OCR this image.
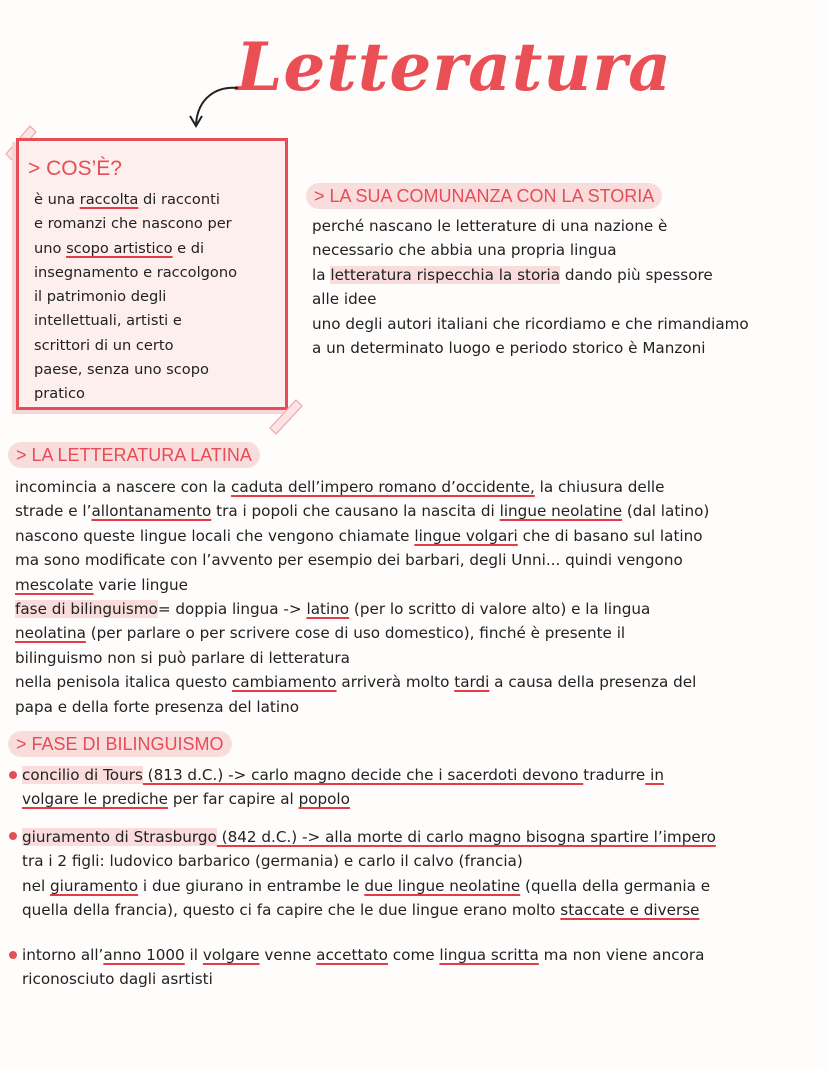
Letteratura
> COS’È?
è una raccolta di racconti
e romanzi che nascono per
uno scopo artistico e di
insegnamento e raccolgono
il patrimonio degli
intellettuali, artisti e
scrittori di un certo
paese, senza uno scopo
pratico
> LA SUA COMUNANZA CON LA STORIA
perché nascano le letterature di una nazione è
necessario che abbia una propria lingua
la letteratura rispecchia la storia dando più spessore
alle idee
uno degli autori italiani che ricordiamo e che rimandiamo
a un determinato luogo e periodo storico è Manzoni
> LA LETTERATURA LATINA
incomincia a nascere con la caduta dell’impero romano d’occidente, la chiusura delle
strade e l’allontanamento tra i popoli che causano la nascita di lingue neolatine (dal latino)
nascono queste lingue locali che vengono chiamate lingue volgari che di basano sul latino
ma sono modificate con l’avvento per esempio dei barbari, degli Unni... quindi vengono
mescolate varie lingue
fase di bilinguismo= doppia lingua -> latino (per lo scritto di valore alto) e la lingua
neolatina (per parlare o per scrivere cose di uso domestico), finché è presente il
bilinguismo non si può parlare di letteratura
nella penisola italica questo cambiamento arriverà molto tardi a causa della presenza del
papa e della forte presenza del latino
> FASE DI BILINGUISMO
concilio di Tours (813 d.C.) -> carlo magno decide che i sacerdoti devono tradurre in
volgare le prediche per far capire al popolo
giuramento di Strasburgo (842 d.C.) -> alla morte di carlo magno bisogna spartire l’impero
tra i 2 figli: ludovico barbarico (germania) e carlo il calvo (francia)
nel giuramento i due giurano in entrambe le due lingue neolatine (quella della germania e
quella della francia), questo ci fa capire che le due lingue erano molto staccate e diverse
intorno all’anno 1000 il volgare venne accettato come lingua scritta ma non viene ancora
riconosciuto dagli asrtisti
